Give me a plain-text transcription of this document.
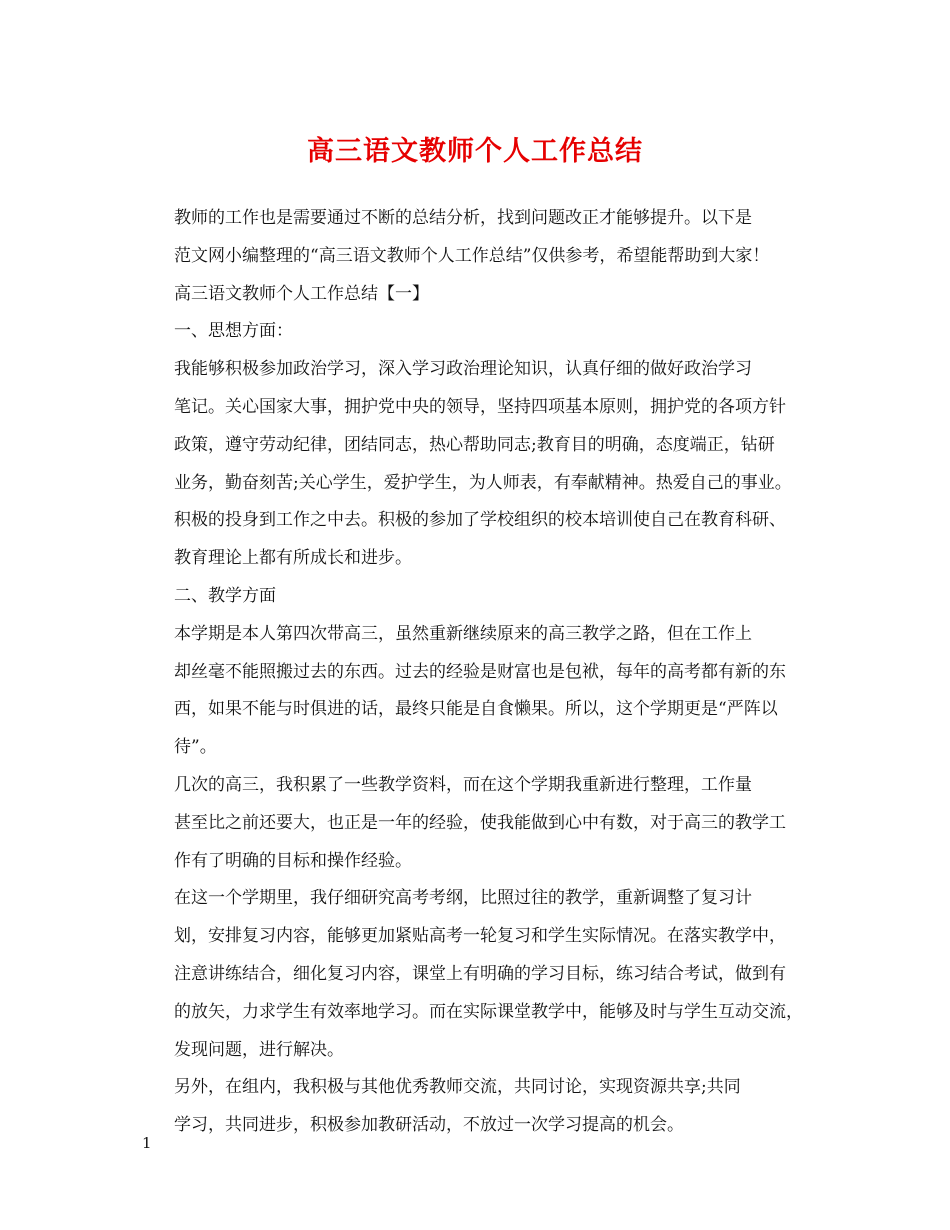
高三语文教师个人工作总结

教师的工作也是需要通过不断的总结分析，找到问题改正才能够提升。以下是
范文网小编整理的“高三语文教师个人工作总结”仅供参考，希望能帮助到大家！

高三语文教师个人工作总结【一】

一、思想方面：

我能够积极参加政治学习，深入学习政治理论知识，认真仔细的做好政治学习
笔记。关心国家大事，拥护党中央的领导，坚持四项基本原则，拥护党的各项方针
政策，遵守劳动纪律，团结同志，热心帮助同志;教育目的明确，态度端正，钻研
业务，勤奋刻苦;关心学生，爱护学生，为人师表，有奉献精神。热爱自己的事业。
积极的投身到工作之中去。积极的参加了学校组织的校本培训使自己在教育科研、
教育理论上都有所成长和进步。

二、教学方面

本学期是本人第四次带高三，虽然重新继续原来的高三教学之路，但在工作上
却丝毫不能照搬过去的东西。过去的经验是财富也是包袱，每年的高考都有新的东
西，如果不能与时俱进的话，最终只能是自食懒果。所以，这个学期更是“严阵以
待”。

几次的高三，我积累了一些教学资料，而在这个学期我重新进行整理，工作量
甚至比之前还要大，也正是一年的经验，使我能做到心中有数，对于高三的教学工
作有了明确的目标和操作经验。

在这一个学期里，我仔细研究高考考纲，比照过往的教学，重新调整了复习计
划，安排复习内容，能够更加紧贴高考一轮复习和学生实际情况。在落实教学中，
注意讲练结合，细化复习内容，课堂上有明确的学习目标，练习结合考试，做到有
的放矢，力求学生有效率地学习。而在实际课堂教学中，能够及时与学生互动交流，
发现问题，进行解决。

另外，在组内，我积极与其他优秀教师交流，共同讨论，实现资源共享;共同
学习，共同进步，积极参加教研活动，不放过一次学习提高的机会。

1
